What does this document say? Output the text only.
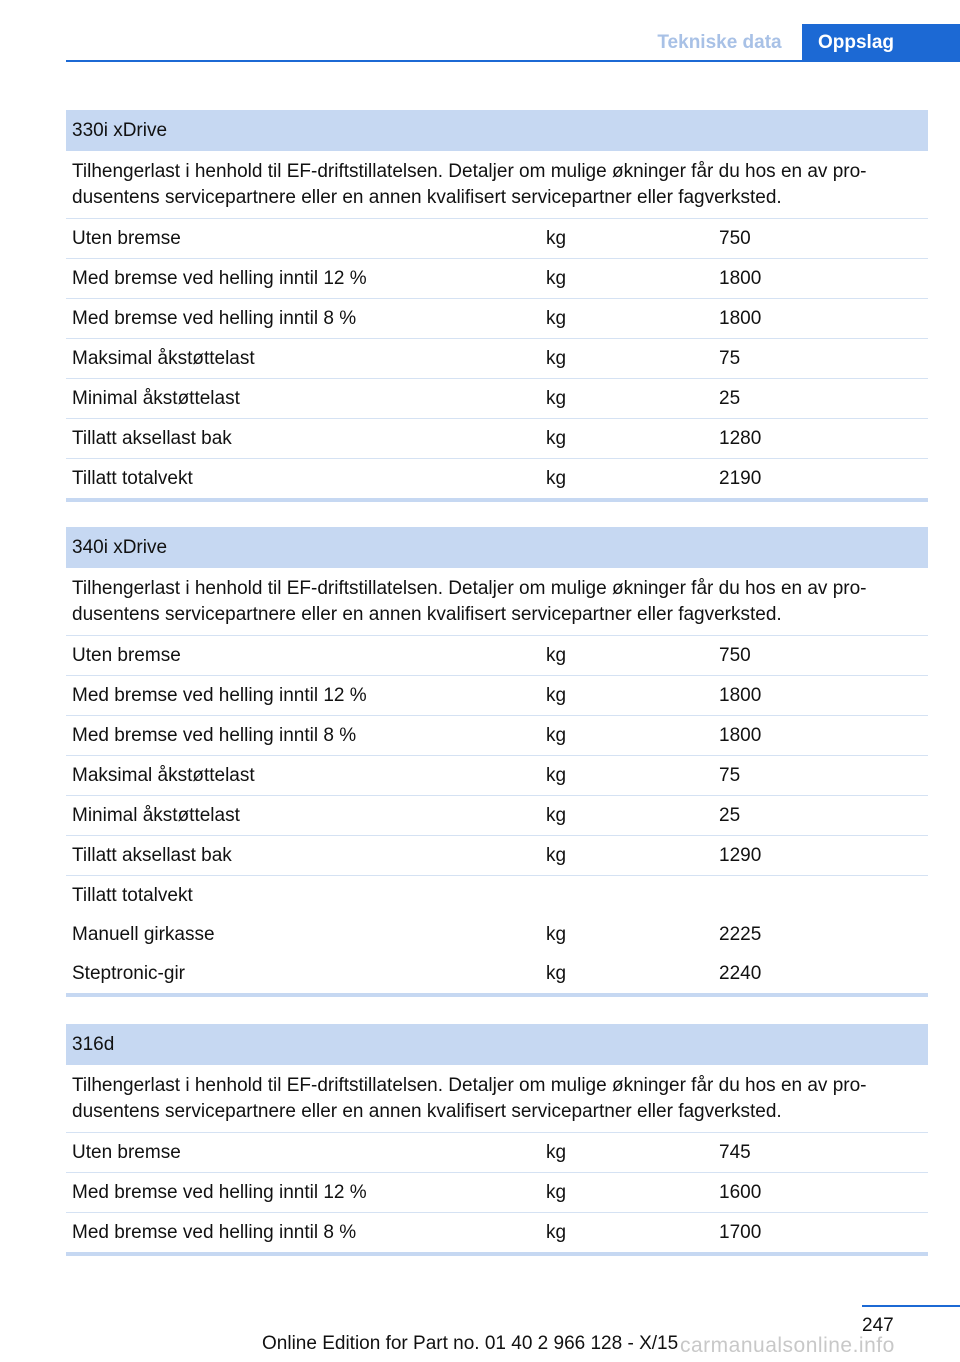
Tekniske data	Oppslag
330i xDrive
Tilhengerlast i henhold til EF-driftstillatelsen. Detaljer om mulige økninger får du hos en av pro-dusentens servicepartnere eller en annen kvalifisert servicepartner eller fagverksted.
Uten bremse	kg	750
Med bremse ved helling inntil 12 %	kg	1800
Med bremse ved helling inntil 8 %	kg	1800
Maksimal åkstøttelast	kg	75
Minimal åkstøttelast	kg	25
Tillatt aksellast bak	kg	1280
Tillatt totalvekt	kg	2190
340i xDrive
Tilhengerlast i henhold til EF-driftstillatelsen. Detaljer om mulige økninger får du hos en av pro-dusentens servicepartnere eller en annen kvalifisert servicepartner eller fagverksted.
Uten bremse	kg	750
Med bremse ved helling inntil 12 %	kg	1800
Med bremse ved helling inntil 8 %	kg	1800
Maksimal åkstøttelast	kg	75
Minimal åkstøttelast	kg	25
Tillatt aksellast bak	kg	1290
Tillatt totalvekt
Manuell girkasse	kg	2225
Steptronic-gir	kg	2240
316d
Tilhengerlast i henhold til EF-driftstillatelsen. Detaljer om mulige økninger får du hos en av pro-dusentens servicepartnere eller en annen kvalifisert servicepartner eller fagverksted.
Uten bremse	kg	745
Med bremse ved helling inntil 12 %	kg	1600
Med bremse ved helling inntil 8 %	kg	1700
247
Online Edition for Part no. 01 40 2 966 128 - X/15 carmanualsonline.info
